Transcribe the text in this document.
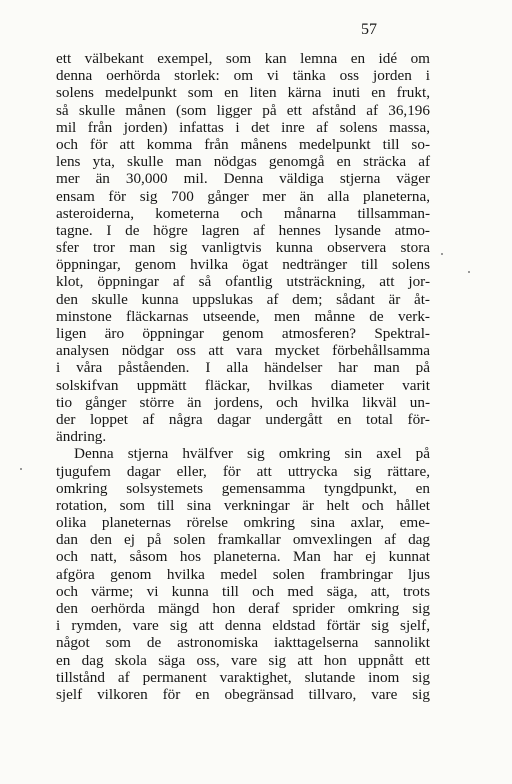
57
ett välbekant exempel, som kan lemna en idé om
denna oerhörda storlek: om vi tänka oss jorden i
solens medelpunkt som en liten kärna inuti en frukt,
så skulle månen (som ligger på ett afstånd af 36,196
mil från jorden) infattas i det inre af solens massa,
och för att komma från månens medelpunkt till so-
lens yta, skulle man nödgas genomgå en sträcka af
mer än 30,000 mil. Denna väldiga stjerna väger
ensam för sig 700 gånger mer än alla planeterna,
asteroiderna, kometerna och månarna tillsamman-
tagne. I de högre lagren af hennes lysande atmo-
sfer tror man sig vanligtvis kunna observera stora
öppningar, genom hvilka ögat nedtränger till solens
klot, öppningar af så ofantlig utsträckning, att jor-
den skulle kunna uppslukas af dem; sådant är åt-
minstone fläckarnas utseende, men månne de verk-
ligen äro öppningar genom atmosferen? Spektral-
analysen nödgar oss att vara mycket förbehållsamma
i våra påståenden. I alla händelser har man på
solskifvan uppmätt fläckar, hvilkas diameter varit
tio gånger större än jordens, och hvilka likväl un-
der loppet af några dagar undergått en total för-
ändring.
Denna stjerna hvälfver sig omkring sin axel på
tjugufem dagar eller, för att uttrycka sig rättare,
omkring solsystemets gemensamma tyngdpunkt, en
rotation, som till sina verkningar är helt och hållet
olika planeternas rörelse omkring sina axlar, eme-
dan den ej på solen framkallar omvexlingen af dag
och natt, såsom hos planeterna. Man har ej kunnat
afgöra genom hvilka medel solen frambringar ljus
och värme; vi kunna till och med säga, att, trots
den oerhörda mängd hon deraf sprider omkring sig
i rymden, vare sig att denna eldstad förtär sig sjelf,
något som de astronomiska iakttagelserna sannolikt
en dag skola säga oss, vare sig att hon uppnått ett
tillstånd af permanent varaktighet, slutande inom sig
sjelf vilkoren för en obegränsad tillvaro, vare sig
